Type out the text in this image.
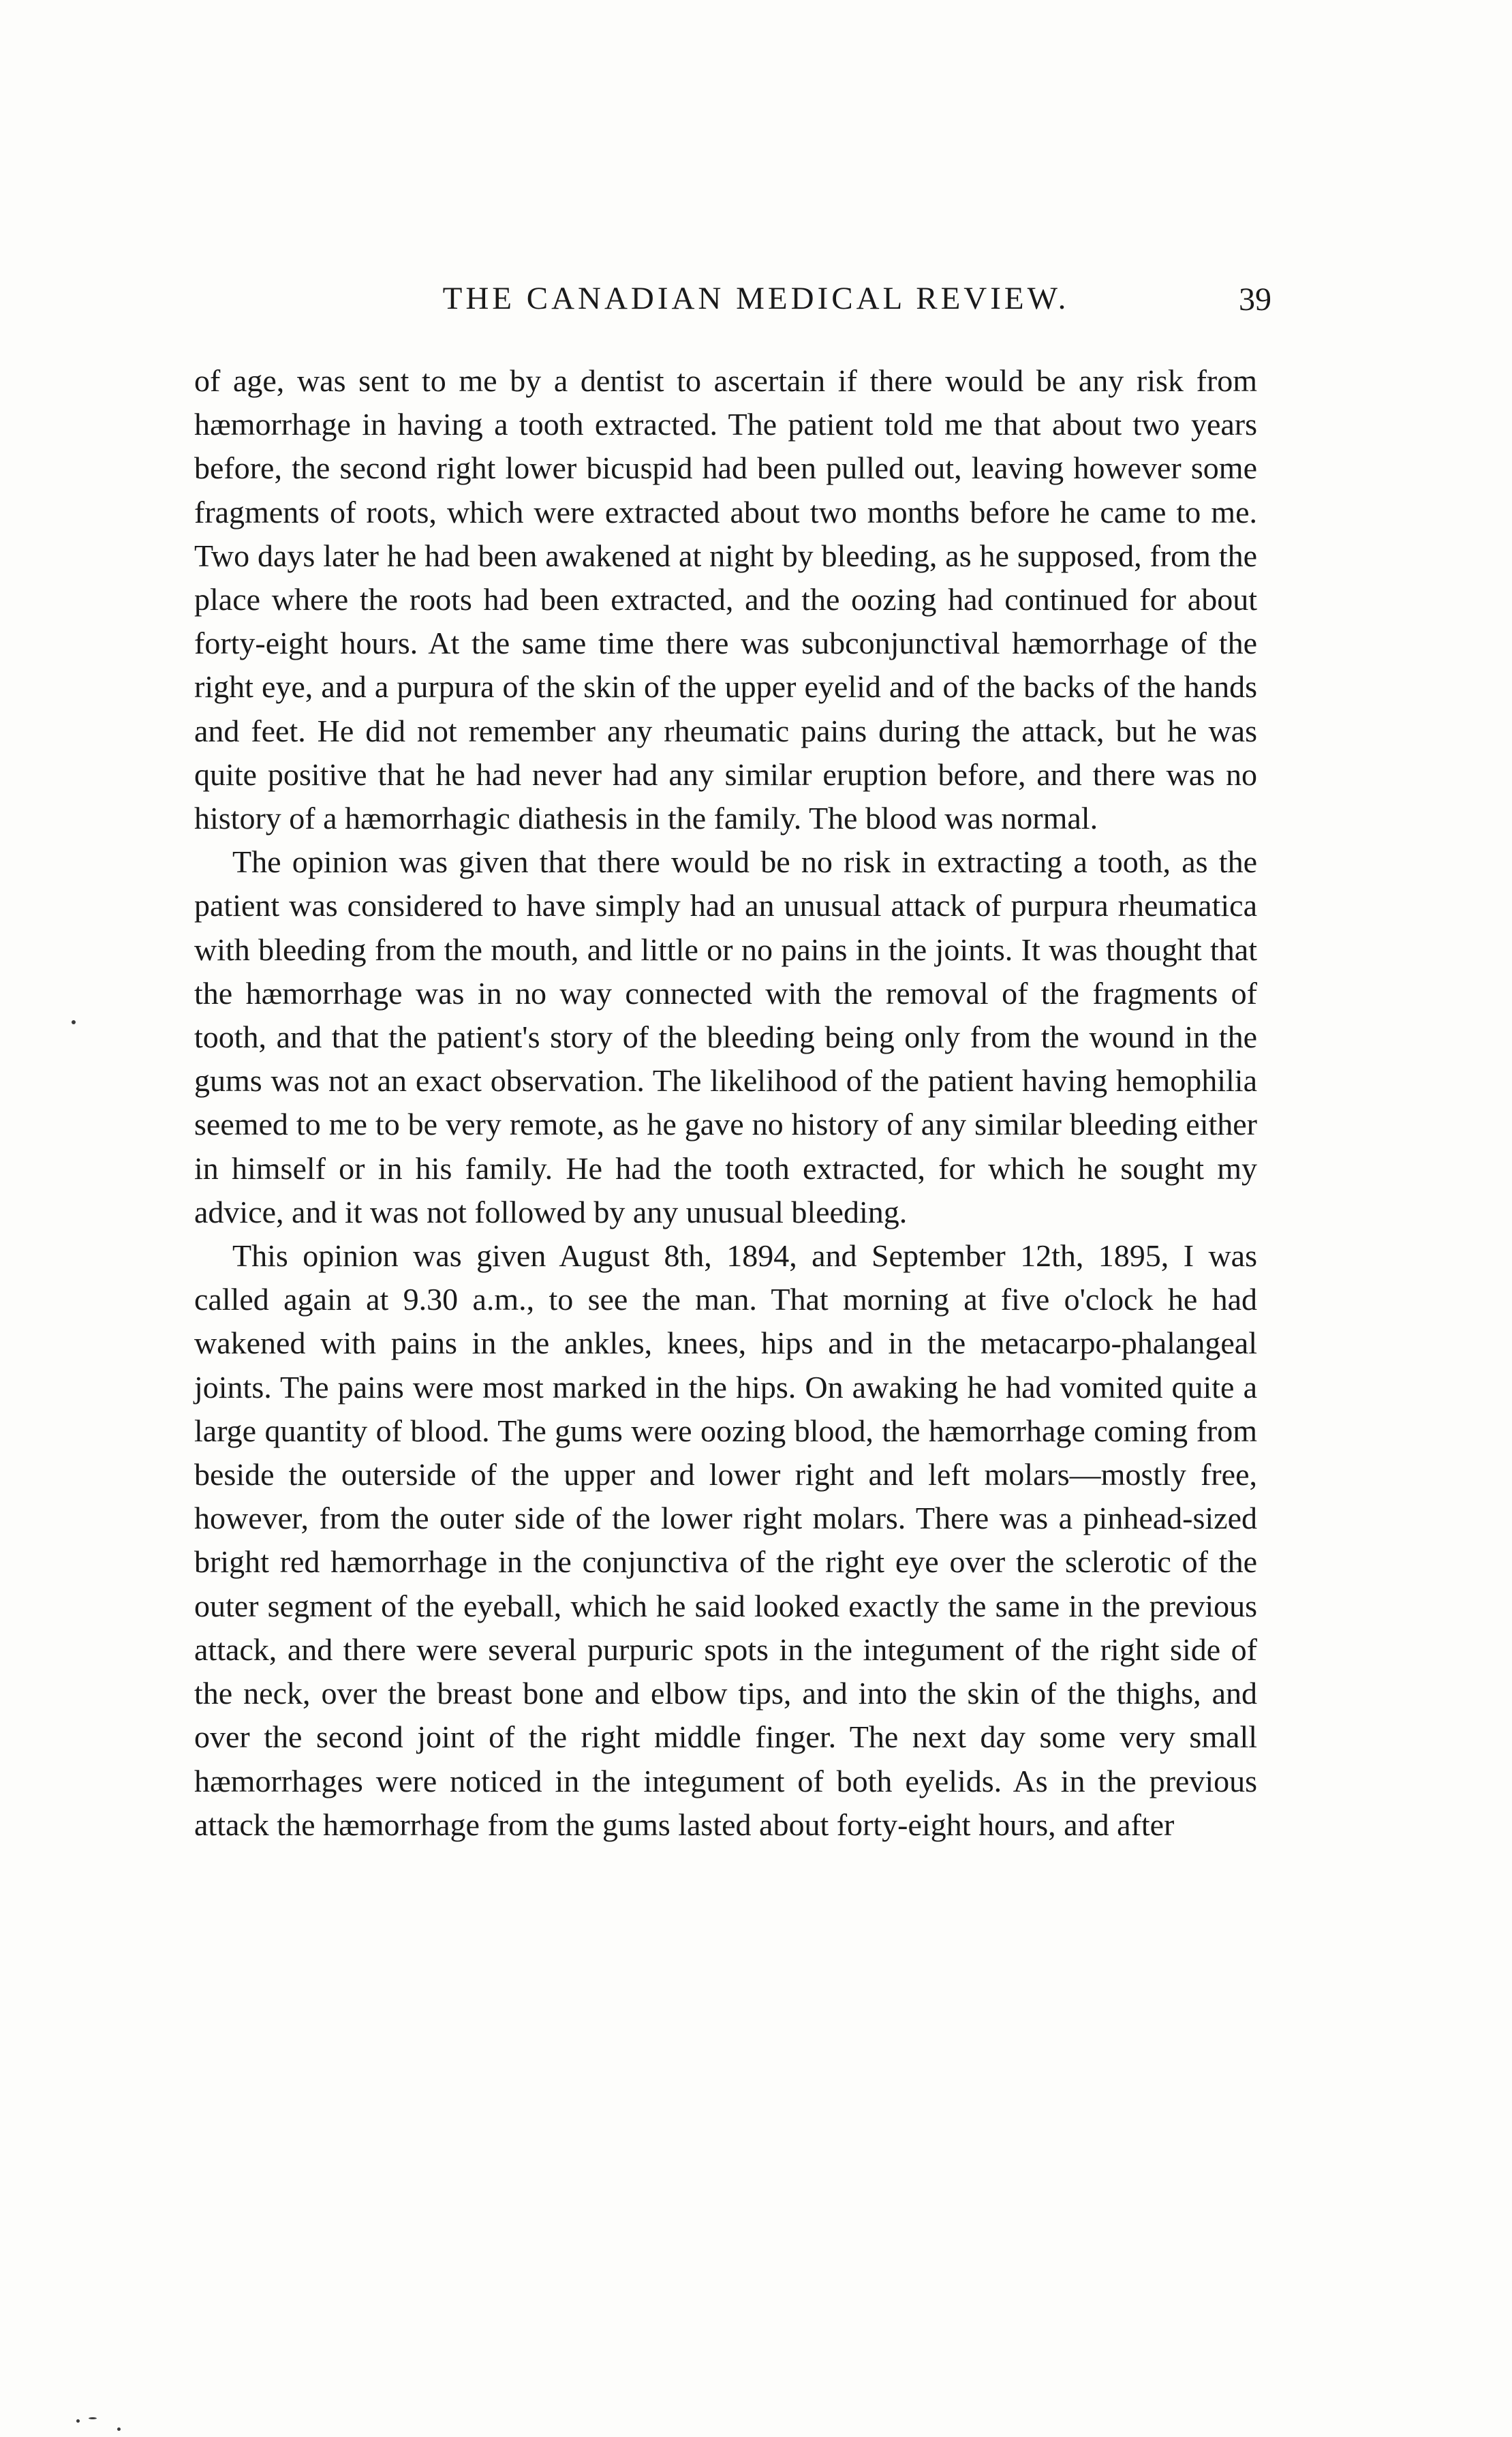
THE CANADIAN MEDICAL REVIEW.	39

of age, was sent to me by a dentist to ascertain if there would be any risk from hæmorrhage in having a tooth extracted. The patient told me that about two years before, the second right lower bicuspid had been pulled out, leaving however some fragments of roots, which were extracted about two months before he came to me. Two days later he had been awakened at night by bleeding, as he supposed, from the place where the roots had been extracted, and the oozing had continued for about forty-eight hours. At the same time there was subconjunctival hæmorrhage of the right eye, and a purpura of the skin of the upper eyelid and of the backs of the hands and feet. He did not remember any rheumatic pains during the attack, but he was quite positive that he had never had any similar eruption before, and there was no history of a hæmorrhagic diathesis in the family. The blood was normal.

The opinion was given that there would be no risk in extracting a tooth, as the patient was considered to have simply had an unusual attack of purpura rheumatica with bleeding from the mouth, and little or no pains in the joints. It was thought that the hæmorrhage was in no way connected with the removal of the fragments of tooth, and that the patient's story of the bleeding being only from the wound in the gums was not an exact observation. The likelihood of the patient having hemophilia seemed to me to be very remote, as he gave no history of any similar bleeding either in himself or in his family. He had the tooth extracted, for which he sought my advice, and it was not followed by any unusual bleeding.

This opinion was given August 8th, 1894, and September 12th, 1895, I was called again at 9.30 a.m., to see the man. That morning at five o'clock he had wakened with pains in the ankles, knees, hips and in the metacarpo-phalangeal joints. The pains were most marked in the hips. On awaking he had vomited quite a large quantity of blood. The gums were oozing blood, the hæmorrhage coming from beside the outerside of the upper and lower right and left molars—mostly free, however, from the outer side of the lower right molars. There was a pinhead-sized bright red hæmorrhage in the conjunctiva of the right eye over the sclerotic of the outer segment of the eyeball, which he said looked exactly the same in the previous attack, and there were several purpuric spots in the integument of the right side of the neck, over the breast bone and elbow tips, and into the skin of the thighs, and over the second joint of the right middle finger. The next day some very small hæmorrhages were noticed in the integument of both eyelids. As in the previous attack the hæmorrhage from the gums lasted about forty-eight hours, and after
